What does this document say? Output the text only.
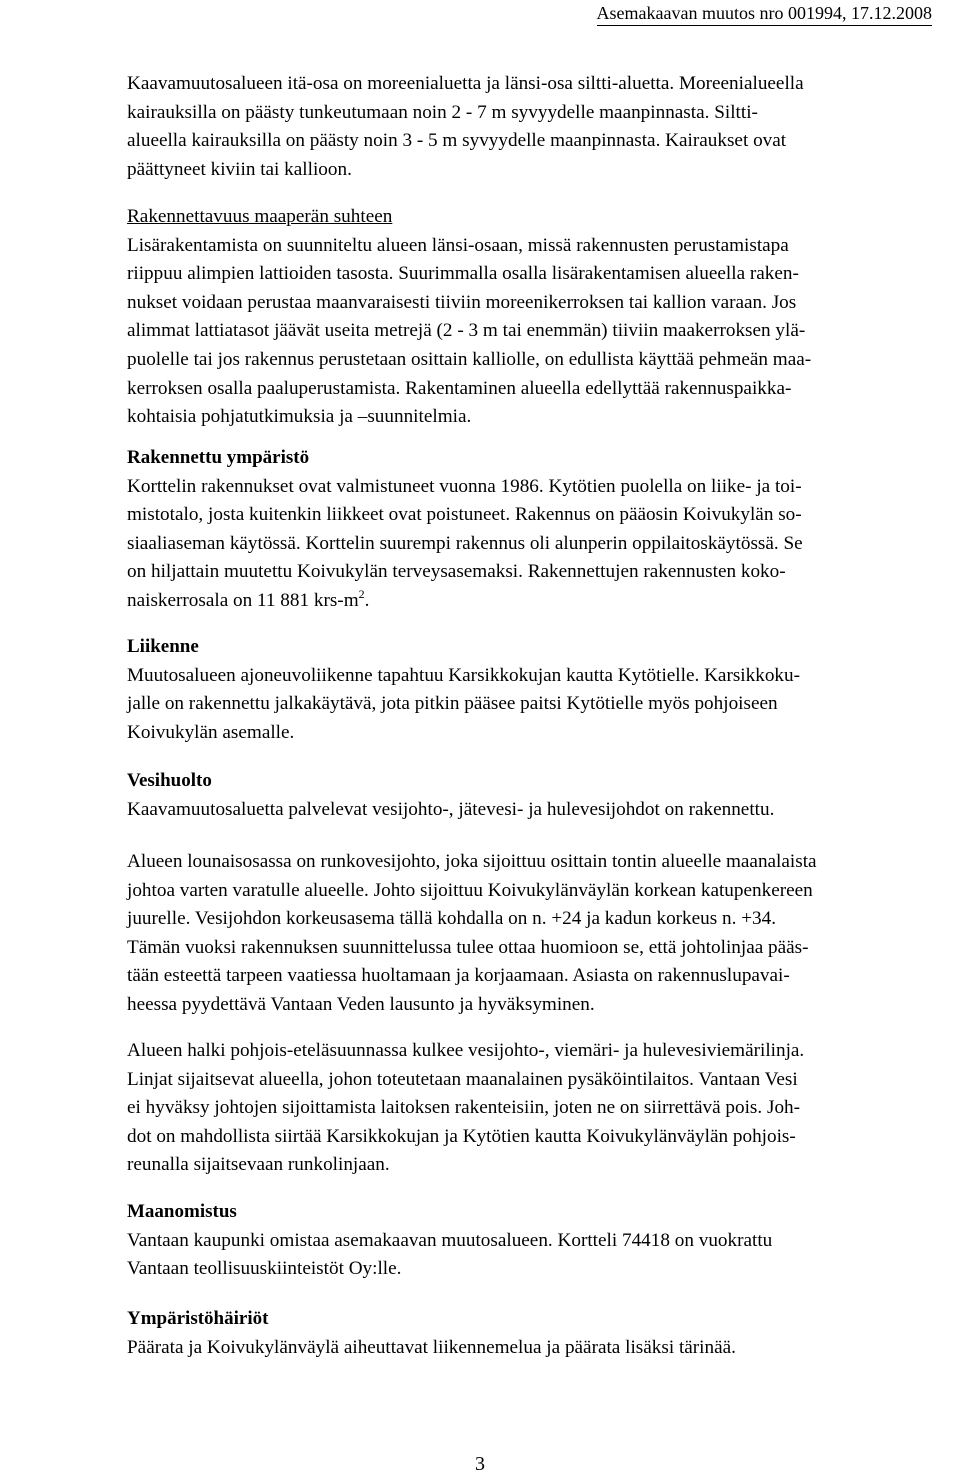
Asemakaavan muutos nro 001994, 17.12.2008
Kaavamuutosalueen itä-osa on moreenialuetta ja länsi-osa siltti-aluetta. Moreenialueella
kairauksilla on päästy tunkeutumaan noin 2 - 7 m syvyydelle maanpinnasta. Siltti-
alueella kairauksilla on päästy noin 3 - 5 m syvyydelle maanpinnasta. Kairaukset ovat
päättyneet kiviin tai kallioon.
Rakennettavuus maaperän suhteen
Lisärakentamista on suunniteltu alueen länsi-osaan, missä rakennusten perustamistapa
riippuu alimpien lattioiden tasosta. Suurimmalla osalla lisärakentamisen alueella raken-
nukset voidaan perustaa maanvaraisesti tiiviin moreenikerroksen tai kallion varaan. Jos
alimmat lattiatasot jäävät useita metrejä (2 - 3 m tai enemmän) tiiviin maakerroksen ylä-
puolelle tai jos rakennus perustetaan osittain kalliolle, on edullista käyttää pehmeän maa-
kerroksen osalla paaluperustamista. Rakentaminen alueella edellyttää rakennuspaikka-
kohtaisia pohjatutkimuksia ja –suunnitelmia.
Rakennettu ympäristö
Korttelin rakennukset ovat valmistuneet vuonna 1986. Kytötien puolella on liike- ja toi-
mistotalo, josta kuitenkin liikkeet ovat poistuneet. Rakennus on pääosin Koivukylän so-
siaaliaseman käytössä. Korttelin suurempi rakennus oli alunperin oppilaitoskäytössä. Se
on hiljattain muutettu Koivukylän terveysasemaksi. Rakennettujen rakennusten koko-
naiskerrosala on 11 881 krs-$m^2$.
Liikenne
Muutosalueen ajoneuvoliikenne tapahtuu Karsikkokujan kautta Kytötielle. Karsikkoku-
jalle on rakennettu jalkakäytävä, jota pitkin pääsee paitsi Kytötielle myös pohjoiseen
Koivukylän asemalle.
Vesihuolto
Kaavamuutosaluetta palvelevat vesijohto-, jätevesi- ja hulevesijohdot on rakennettu.
Alueen lounaisosassa on runkovesijohto, joka sijoittuu osittain tontin alueelle maanalaista
johtoa varten varatulle alueelle. Johto sijoittuu Koivukylänväylän korkean katupenkereen
juurelle. Vesijohdon korkeusasema tällä kohdalla on n. +24 ja kadun korkeus n. +34.
Tämän vuoksi rakennuksen suunnittelussa tulee ottaa huomioon se, että johtolinjaa pääs-
tään esteettä tarpeen vaatiessa huoltamaan ja korjaamaan. Asiasta on rakennuslupavai-
heessa pyydettävä Vantaan Veden lausunto ja hyväksyminen.
Alueen halki pohjois-eteläsuunnassa kulkee vesijohto-, viemäri- ja hulevesiviemärilinja.
Linjat sijaitsevat alueella, johon toteutetaan maanalainen pysäköintilaitos. Vantaan Vesi
ei hyväksy johtojen sijoittamista laitoksen rakenteisiin, joten ne on siirrettävä pois. Joh-
dot on mahdollista siirtää Karsikkokujan ja Kytötien kautta Koivukylänväylän pohjois-
reunalla sijaitsevaan runkolinjaan.
Maanomistus
Vantaan kaupunki omistaa asemakaavan muutosalueen. Kortteli 74418 on vuokrattu
Vantaan teollisuuskiinteistöt Oy:lle.
Ympäristöhäiriöt
Päärata ja Koivukylänväylä aiheuttavat liikennemelua ja päärata lisäksi tärinää.
3
